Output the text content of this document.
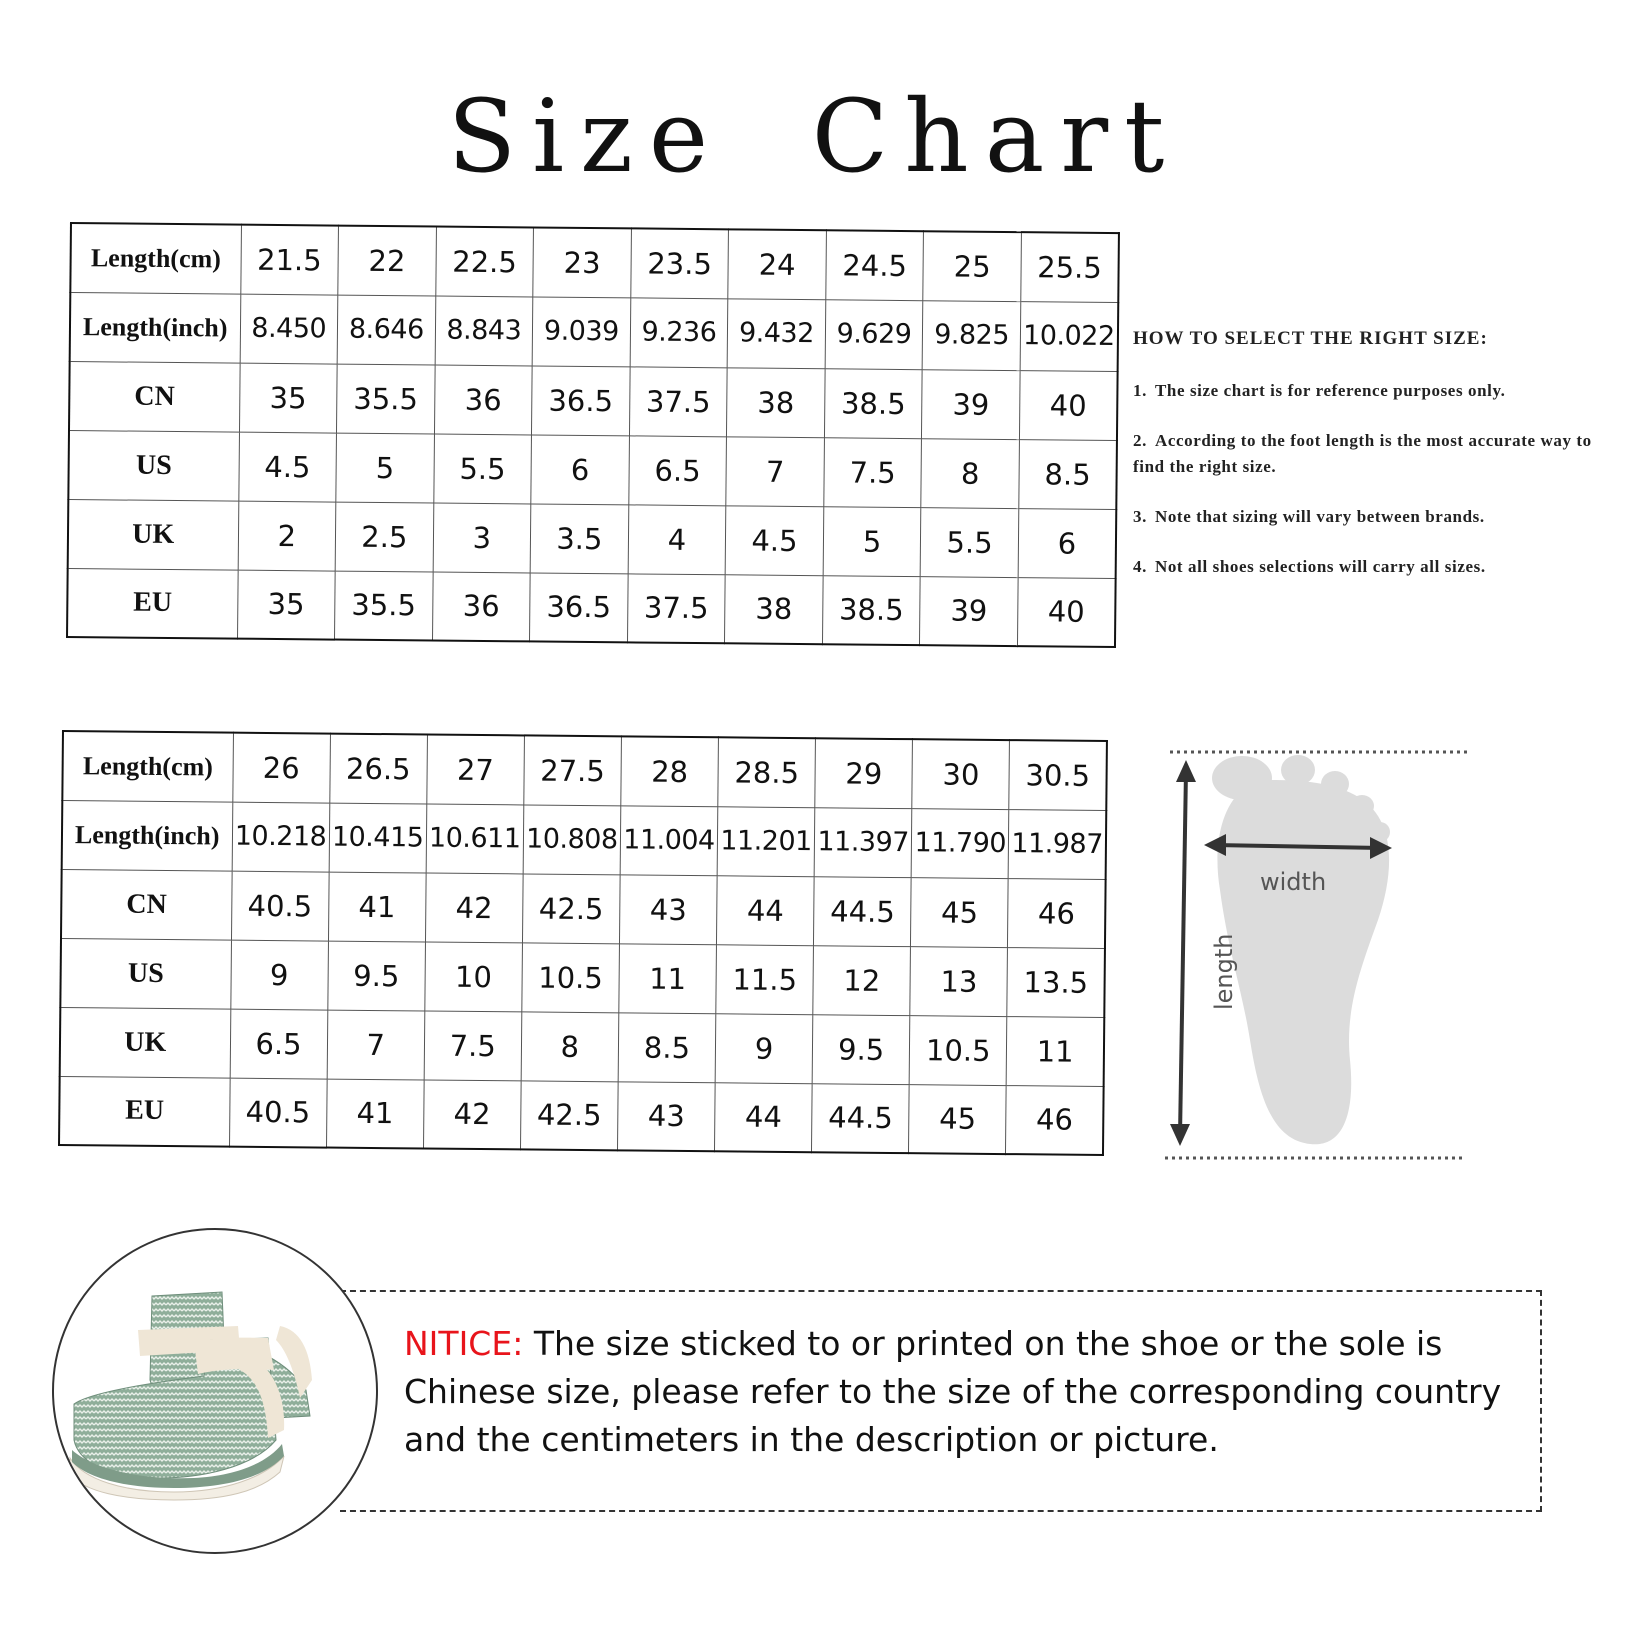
Size Chart
Length(cm)	21.5	22	22.5	23	23.5	24	24.5	25	25.5
Length(inch)	8.450	8.646	8.843	9.039	9.236	9.432	9.629	9.825	10.022
CN	35	35.5	36	36.5	37.5	38	38.5	39	40
US	4.5	5	5.5	6	6.5	7	7.5	8	8.5
UK	2	2.5	3	3.5	4	4.5	5	5.5	6
EU	35	35.5	36	36.5	37.5	38	38.5	39	40
HOW TO SELECT THE RIGHT SIZE:
1. The size chart is for reference purposes only.
2. According to the foot length is the most accurate way to find the right size.
3. Note that sizing will vary between brands.
4. Not all shoes selections will carry all sizes.
Length(cm)	26	26.5	27	27.5	28	28.5	29	30	30.5
Length(inch)	10.218	10.415	10.611	10.808	11.004	11.201	11.397	11.790	11.987
CN	40.5	41	42	42.5	43	44	44.5	45	46
US	9	9.5	10	10.5	11	11.5	12	13	13.5
UK	6.5	7	7.5	8	8.5	9	9.5	10.5	11
EU	40.5	41	42	42.5	43	44	44.5	45	46
width
length
NITICE: The size sticked to or printed on the shoe or the sole is Chinese size, please refer to the size of the corresponding country and the centimeters in the description or picture.
